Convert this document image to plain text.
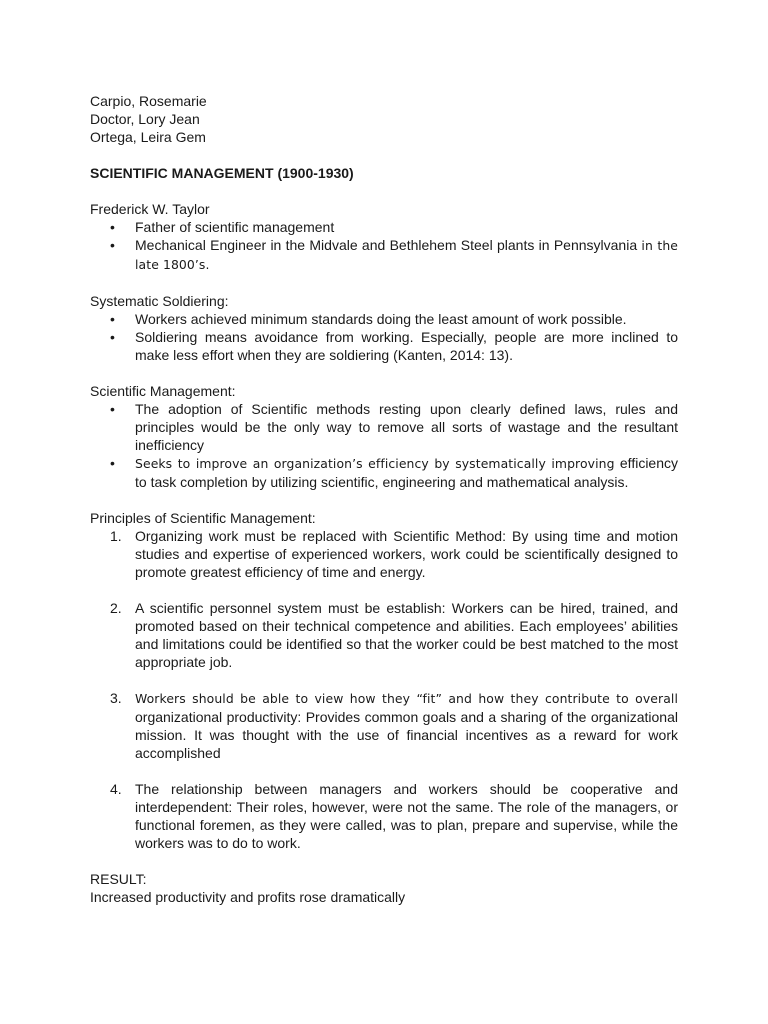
Carpio, Rosemarie
Doctor, Lory Jean
Ortega, Leira Gem
SCIENTIFIC MANAGEMENT (1900-1930)
Frederick W. Taylor
• Father of scientific management
• Mechanical Engineer in the Midvale and Bethlehem Steel plants in Pennsylvania in the late 1800’s.
Systematic Soldiering:
• Workers achieved minimum standards doing the least amount of work possible.
• Soldiering means avoidance from working. Especially, people are more inclined to make less effort when they are soldiering (Kanten, 2014: 13).
Scientific Management:
• The adoption of Scientific methods resting upon clearly defined laws, rules and principles would be the only way to remove all sorts of wastage and the resultant inefficiency
• Seeks to improve an organization’s efficiency by systematically improving efficiency to task completion by utilizing scientific, engineering and mathematical analysis.
Principles of Scientific Management:
1. Organizing work must be replaced with Scientific Method: By using time and motion studies and expertise of experienced workers, work could be scientifically designed to promote greatest efficiency of time and energy.
2. A scientific personnel system must be establish: Workers can be hired, trained, and promoted based on their technical competence and abilities. Each employees’ abilities and limitations could be identified so that the worker could be best matched to the most appropriate job.
3. Workers should be able to view how they “fit” and how they contribute to overall organizational productivity: Provides common goals and a sharing of the organizational mission. It was thought with the use of financial incentives as a reward for work accomplished
4. The relationship between managers and workers should be cooperative and interdependent: Their roles, however, were not the same. The role of the managers, or functional foremen, as they were called, was to plan, prepare and supervise, while the workers was to do to work.
RESULT:
Increased productivity and profits rose dramatically
